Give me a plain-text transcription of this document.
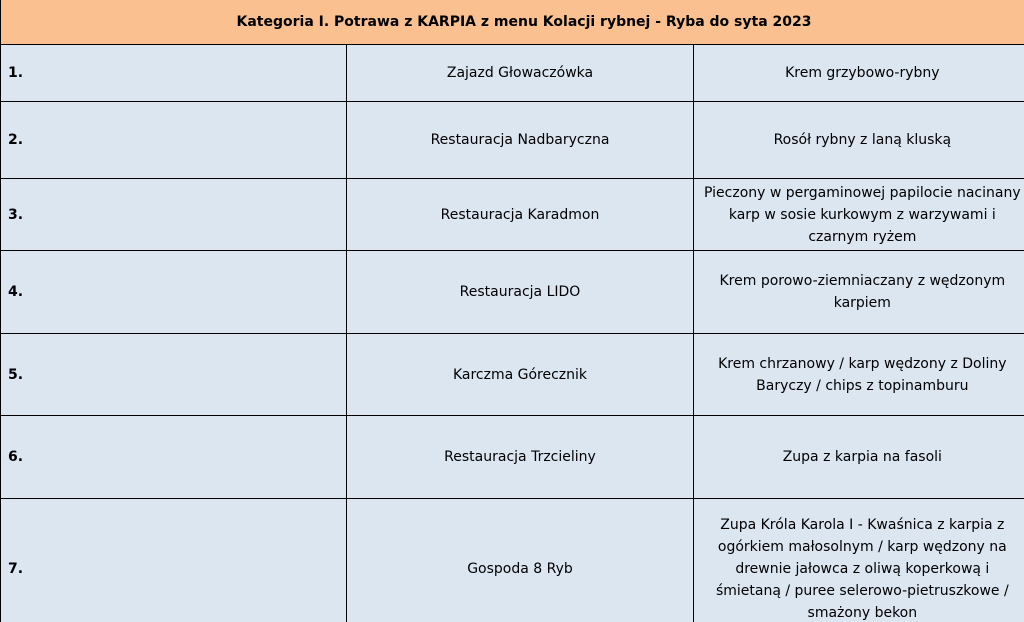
Kategoria I. Potrawa z KARPIA z menu Kolacji rybnej - Ryba do syta 2023		
1.	Zajazd Głowaczówka	Krem grzybowo-rybny
2.	Restauracja Nadbaryczna	Rosół rybny z laną kluską
3.	Restauracja Karadmon	Pieczony w pergaminowej papilocie nacinany karp w sosie kurkowym z warzywami i czarnym ryżem
4.	Restauracja LIDO	Krem porowo-ziemniaczany z wędzonym karpiem
5.	Karczma Górecznik	Krem chrzanowy / karp wędzony z Doliny Baryczy / chips z topinamburu
6.	Restauracja Trzcieliny	Zupa z karpia na fasoli
7.	Gospoda 8 Ryb	Zupa Króla Karola I - Kwaśnica z karpia z ogórkiem małosolnym / karp wędzony na drewnie jałowca z oliwą koperkową i śmietaną / puree selerowo-pietruszkowe / smażony bekon
